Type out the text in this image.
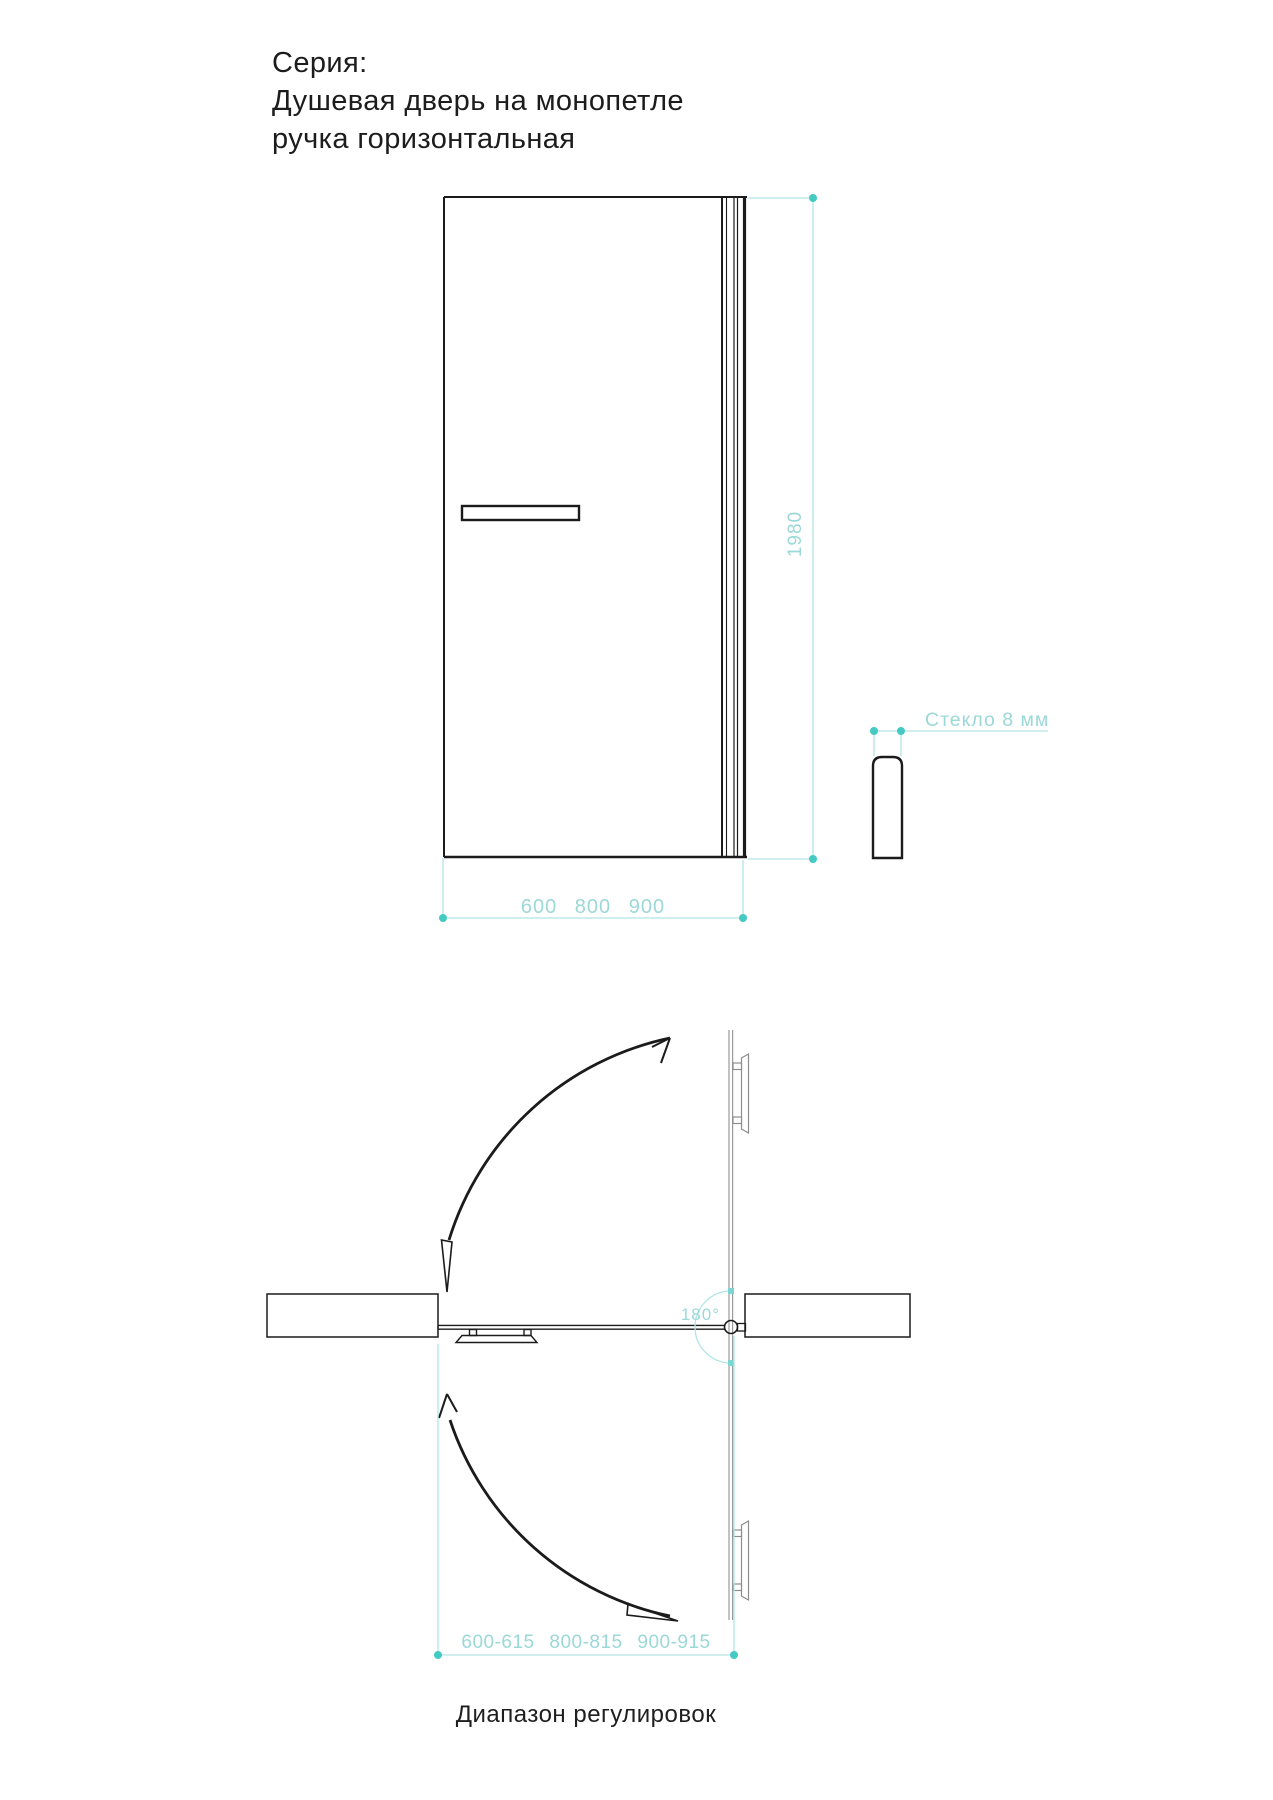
Серия:
Душевая дверь на монопетле
ручка горизонтальная
1980
600 800 900
Стекло 8 мм
180°
600-615 800-815 900-915
Диапазон регулировок
